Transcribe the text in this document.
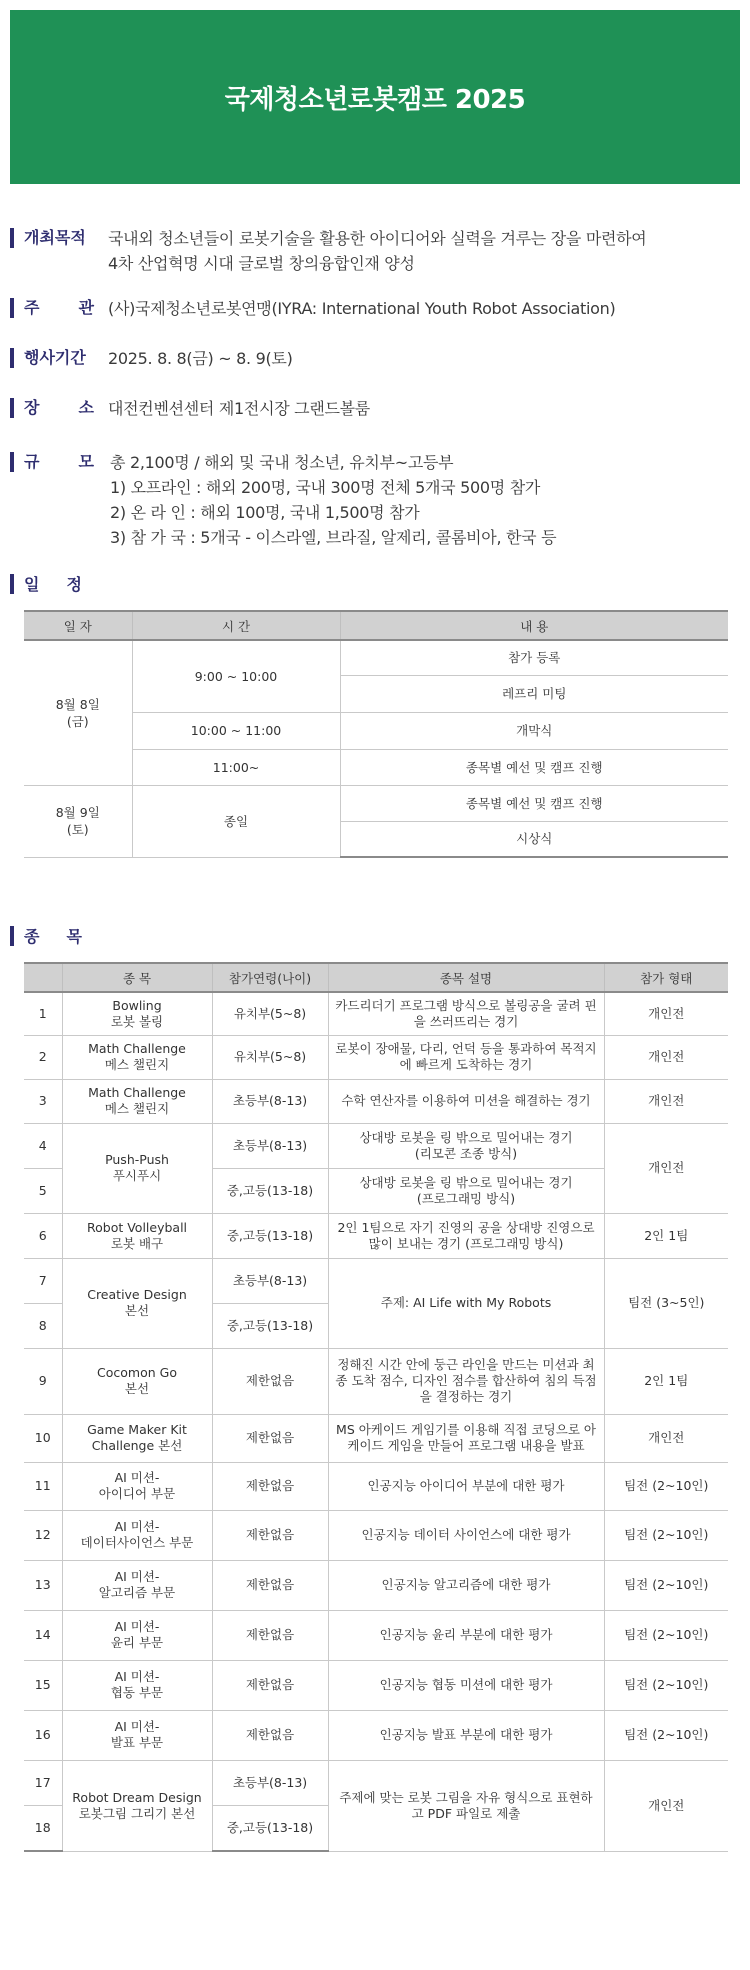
국제청소년로봇캠프 2025
개최목적 국내외 청소년들이 로봇기술을 활용한 아이디어와 실력을 겨루는 장을 마련하여
4차 산업혁명 시대 글로벌 창의융합인재 양성
주 관 (사)국제청소년로봇연맹(IYRA: International Youth Robot Association)
행사기간 2025. 8. 8(금) ~ 8. 9(토)
장 소 대전컨벤션센터 제1전시장 그랜드볼룸
규 모 총 2,100명 / 해외 및 국내 청소년, 유치부~고등부
1) 오프라인 : 해외 200명, 국내 300명 전체 5개국 500명 참가
2) 온 라 인 : 해외 100명, 국내 1,500명 참가
3) 참 가 국 : 5개국 - 이스라엘, 브라질, 알제리, 콜롬비아, 한국 등
일 정
일 자	시 간	내 용
8월 8일
(금)	9:00 ~ 10:00	참가 등록
		레프리 미팅
	10:00 ~ 11:00	개막식
	11:00~	종목별 예선 및 캠프 진행
8월 9일
(토)	종일	종목별 예선 및 캠프 진행
		시상식
종 목
	종 목	참가연령(나이)	종목 설명	참가 형태
1	Bowling
로봇 볼링	유치부(5~8)	카드리더기 프로그램 방식으로 볼링공을 굴려 핀
을 쓰러뜨리는 경기	개인전
2	Math Challenge
메스 챌린지	유치부(5~8)	로봇이 장애물, 다리, 언덕 등을 통과하여 목적지
에 빠르게 도착하는 경기	개인전
3	Math Challenge
메스 챌린지	초등부(8-13)	수학 연산자를 이용하여 미션을 해결하는 경기	개인전
4	Push-Push
푸시푸시	초등부(8-13)	상대방 로봇을 링 밖으로 밀어내는 경기
(리모콘 조종 방식)	개인전
5		중,고등(13-18)	상대방 로봇을 링 밖으로 밀어내는 경기
(프로그래밍 방식)	
6	Robot Volleyball
로봇 배구	중,고등(13-18)	2인 1팀으로 자기 진영의 공을 상대방 진영으로
많이 보내는 경기 (프로그래밍 방식)	2인 1팀
7	Creative Design
본선	초등부(8-13)	주제: AI Life with My Robots	팀전 (3~5인)
8		중,고등(13-18)		
9	Cocomon Go
본선	제한없음	정해진 시간 안에 둥근 라인을 만드는 미션과 최
종 도착 점수, 디자인 점수를 합산하여 침의 득점
을 결정하는 경기	2인 1팀
10	Game Maker Kit
Challenge 본선	제한없음	MS 아케이드 게임기를 이용해 직접 코딩으로 아
케이드 게임을 만들어 프로그램 내용을 발표	개인전
11	AI 미션-
아이디어 부문	제한없음	인공지능 아이디어 부분에 대한 평가	팀전 (2~10인)
12	AI 미션-
데이터사이언스 부문	제한없음	인공지능 데이터 사이언스에 대한 평가	팀전 (2~10인)
13	AI 미션-
알고리즘 부문	제한없음	인공지능 알고리즘에 대한 평가	팀전 (2~10인)
14	AI 미션-
윤리 부문	제한없음	인공지능 윤리 부분에 대한 평가	팀전 (2~10인)
15	AI 미션-
협동 부문	제한없음	인공지능 협동 미션에 대한 평가	팀전 (2~10인)
16	AI 미션-
발표 부문	제한없음	인공지능 발표 부분에 대한 평가	팀전 (2~10인)
17	Robot Dream Design
로봇그림 그리기 본선	초등부(8-13)	주제에 맞는 로봇 그림을 자유 형식으로 표현하
고 PDF 파일로 제출	개인전
18		중,고등(13-18)		
